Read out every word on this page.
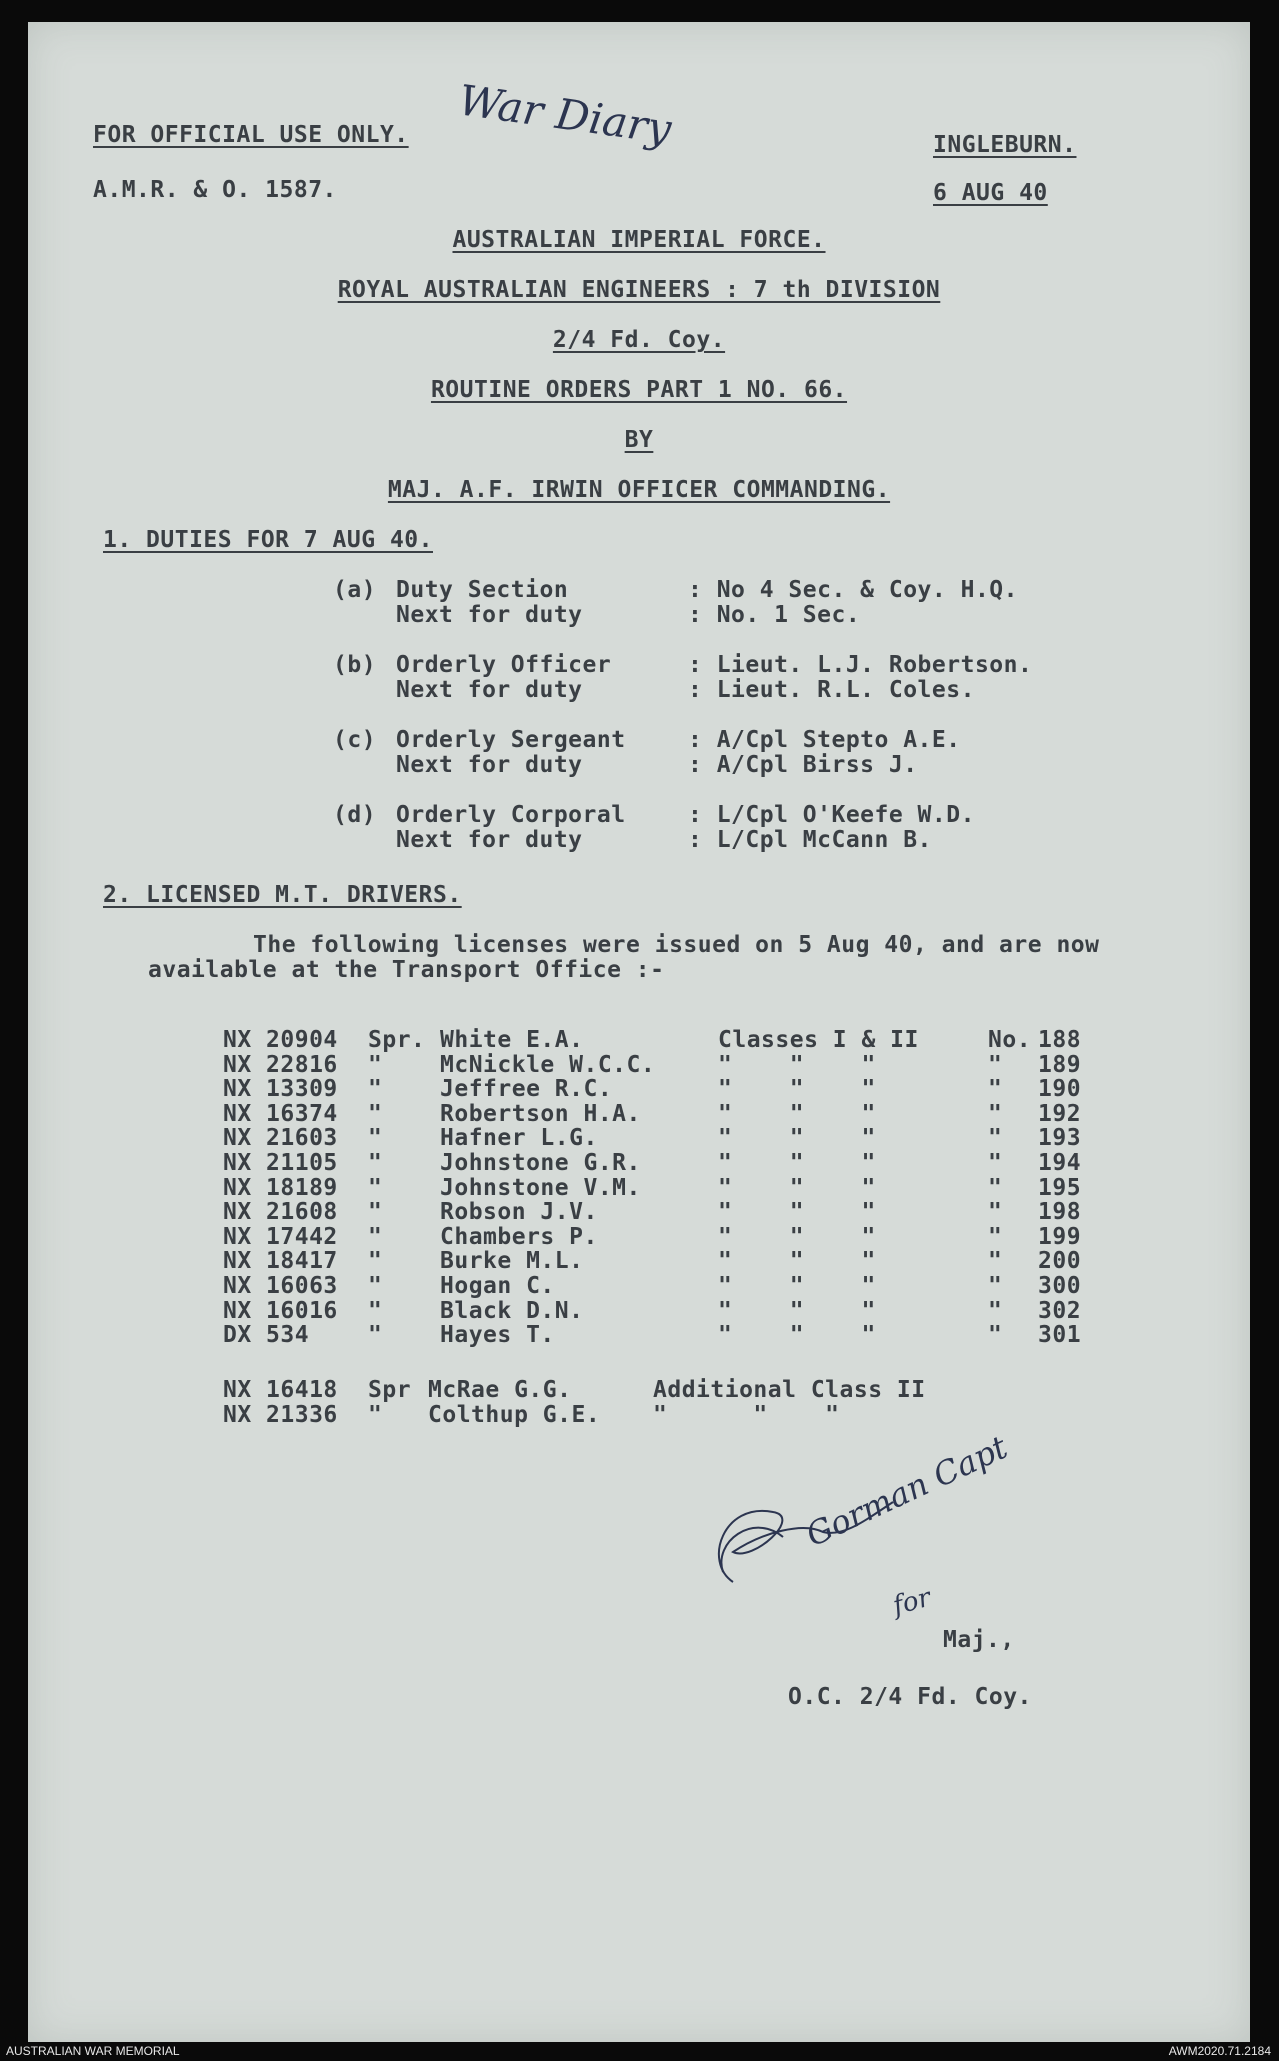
FOR OFFICIAL USE ONLY.
A.M.R. & O. 1587.
War Diary	INGLEBURN.
6 AUG 40
AUSTRALIAN IMPERIAL FORCE.
ROYAL AUSTRALIAN ENGINEERS : 7 th DIVISION
2/4 Fd. Coy.
ROUTINE ORDERS PART 1 NO. 66.
BY
MAJ. A.F. IRWIN OFFICER COMMANDING.
1. DUTIES FOR 7 AUG 40.
(a) Duty Section	: No 4 Sec. & Coy. H.Q.
Next for duty	: No. 1 Sec.
(b) Orderly Officer	: Lieut. L.J. Robertson.
Next for duty	: Lieut. R.L. Coles.
(c) Orderly Sergeant	: A/Cpl Stepto A.E.
Next for duty	: A/Cpl Birss J.
(d) Orderly Corporal	: L/Cpl O'Keefe W.D.
Next for duty	: L/Cpl McCann B.
2. LICENSED M.T. DRIVERS.
The following licenses were issued on 5 Aug 40, and are now
available at the Transport Office :-
Gorman Capt
for
Maj.,
O.C. 2/4 Fd. Coy.
NX 20904 Spr. White E.A.	Classes I & II	No. 188
NX 22816 "	McNickle W.C.C.	"    "    "	" 189
NX 13309 "	Jeffree R.C.	"    "    "	" 190
NX 16374 "	Robertson H.A.	"    "    "	" 192
NX 21603 "	Hafner L.G.	"    "    "	" 193
NX 21105 "	Johnstone G.R.	"    "    "	" 194
NX 18189 "	Johnstone V.M.	"    "    "	" 195
NX 21608 "	Robson J.V.	"    "    "	" 198
NX 17442 "	Chambers P.	"    "    "	" 199
NX 18417 "	Burke M.L.	"    "    "	" 200
NX 16063 "	Hogan C.	"    "    "	" 300
NX 16016 "	Black D.N.	"    "    "	" 302
DX 534	"	Hayes T.	"    "    "	" 301
NX 16418 Spr McRae G.G.	Additional Class II
NX 21336 " Colthup G.E. "      "    "
AUSTRALIAN WAR MEMORIAL	AWM2020.71.2184
